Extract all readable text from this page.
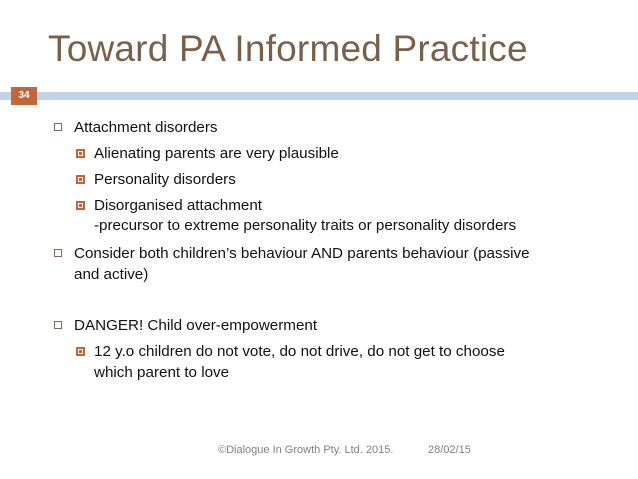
Toward PA Informed Practice
34
Attachment disorders
Alienating parents are very plausible
Personality disorders
Disorganised attachment
-precursor to extreme personality traits or personality disorders
Consider both children’s behaviour AND parents behaviour (passive
and active)
DANGER! Child over-empowerment
12 y.o children do not vote, do not drive, do not get to choose
which parent to love
©Dialogue In Growth Pty. Ltd. 2015.	28/02/15
